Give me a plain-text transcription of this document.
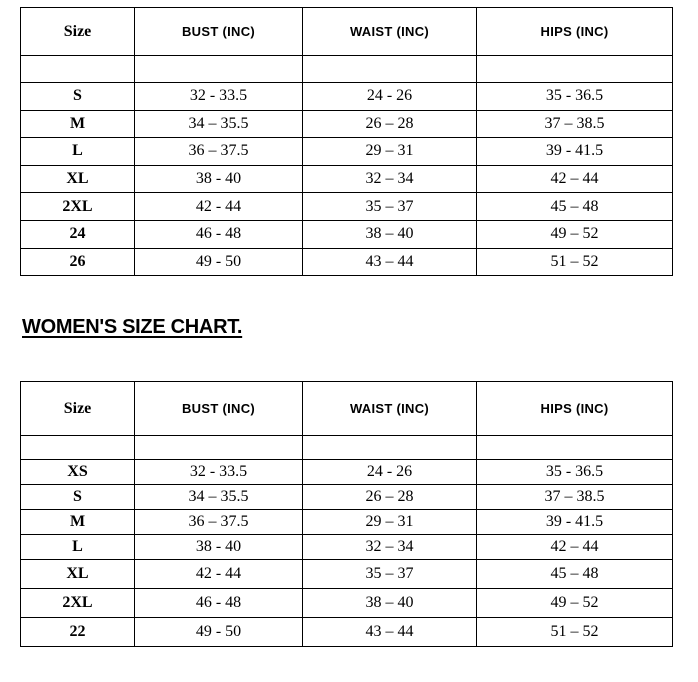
Size	BUST (INC)	WAIST (INC)	HIPS (INC)

S	32 - 33.5	24 - 26	35 - 36.5
M	34 – 35.5	26 – 28	37 – 38.5
L	36 – 37.5	29 – 31	39 - 41.5
XL	38 - 40	32 – 34	42 – 44
2XL	42 - 44	35 – 37	45 – 48
24	46 - 48	38 – 40	49 – 52
26	49 - 50	43 – 44	51 – 52
WOMEN'S SIZE CHART.
Size	BUST (INC)	WAIST (INC)	HIPS (INC)

XS	32 - 33.5	24 - 26	35 - 36.5
S	34 – 35.5	26 – 28	37 – 38.5
M	36 – 37.5	29 – 31	39 - 41.5
L	38 - 40	32 – 34	42 – 44
XL	42 - 44	35 – 37	45 – 48
2XL	46 - 48	38 – 40	49 – 52
22	49 - 50	43 – 44	51 – 52
